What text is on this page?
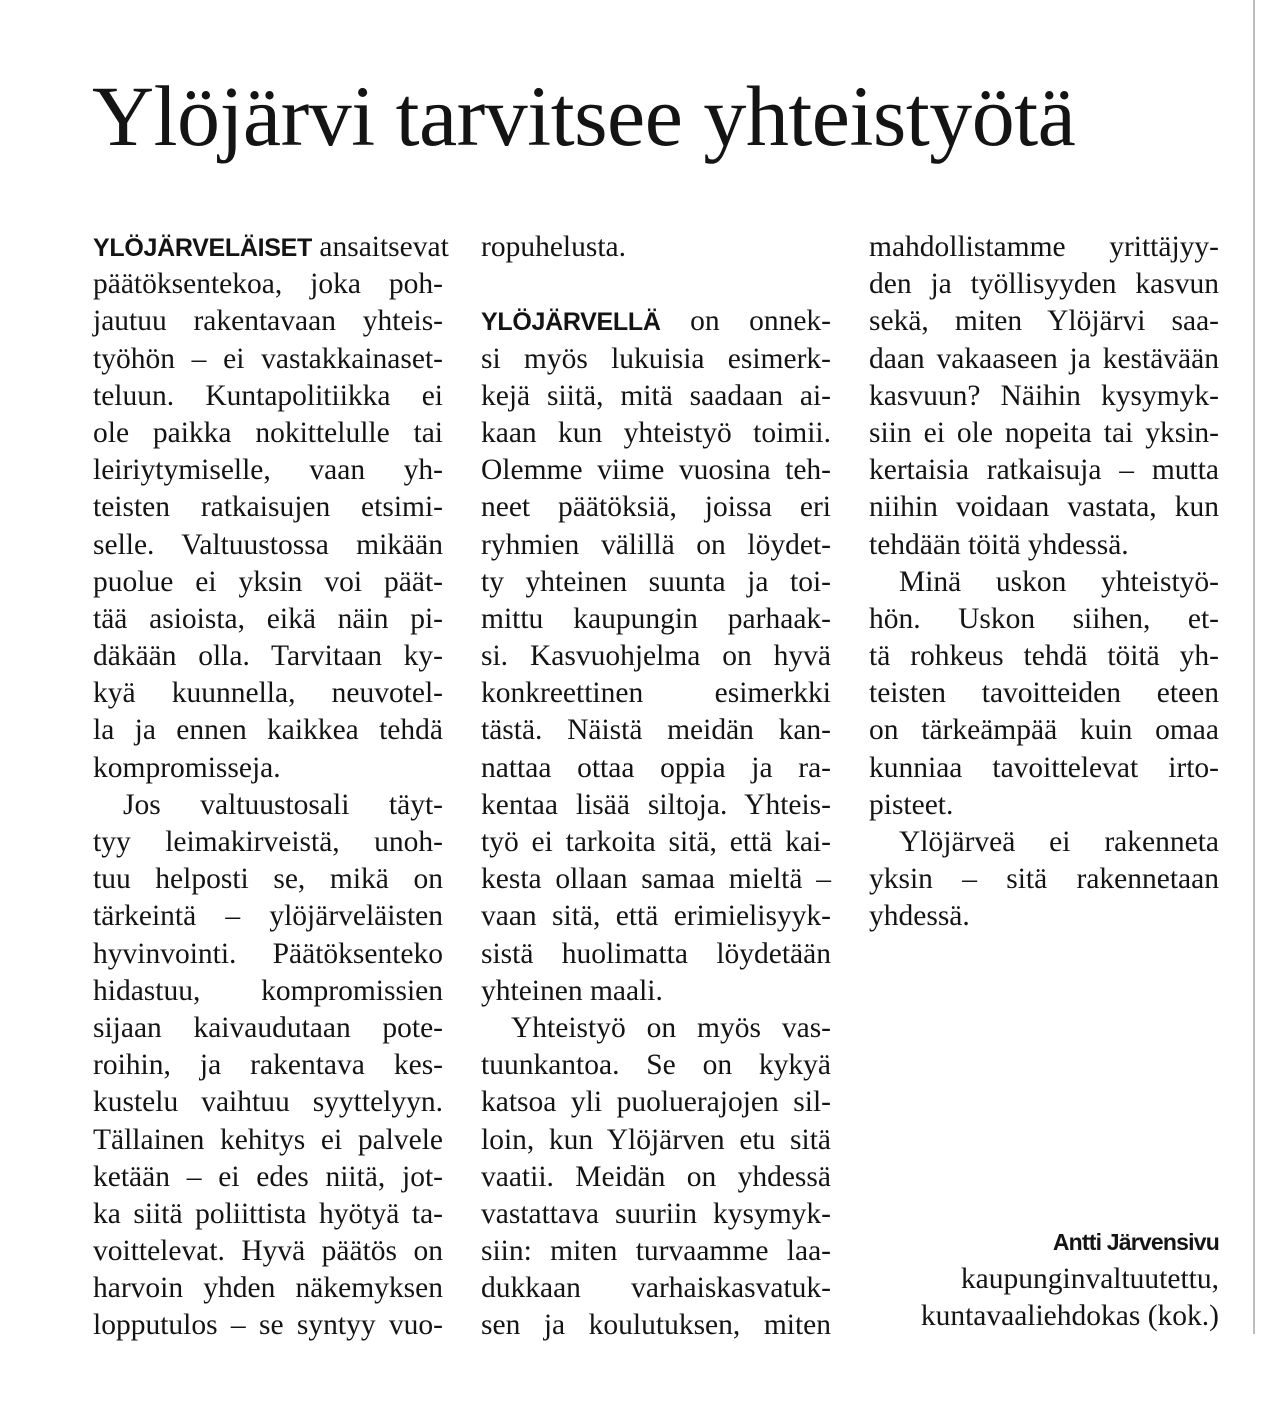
Ylöjärvi tarvitsee yhteistyötä
YLÖJÄRVELÄISET ansaitsevat
päätöksentekoa, joka poh-
jautuu rakentavaan yhteis-
työhön – ei vastakkainaset-
teluun. Kuntapolitiikka ei
ole paikka nokittelulle tai
leiriytymiselle, vaan yh-
teisten ratkaisujen etsimi-
selle. Valtuustossa mikään
puolue ei yksin voi päät-
tää asioista, eikä näin pi-
däkään olla. Tarvitaan ky-
kyä kuunnella, neuvotel-
la ja ennen kaikkea tehdä
kompromisseja.
Jos valtuustosali täyt-
tyy leimakirveistä, unoh-
tuu helposti se, mikä on
tärkeintä – ylöjärveläisten
hyvinvointi. Päätöksenteko
hidastuu, kompromissien
sijaan kaivaudutaan pote-
roihin, ja rakentava kes-
kustelu vaihtuu syyttelyyn.
Tällainen kehitys ei palvele
ketään – ei edes niitä, jot-
ka siitä poliittista hyötyä ta-
voittelevat. Hyvä päätös on
harvoin yhden näkemyksen
lopputulos – se syntyy vuo-
ropuhelusta.
YLÖJÄRVELLÄ on onnek-
si myös lukuisia esimerk-
kejä siitä, mitä saadaan ai-
kaan kun yhteistyö toimii.
Olemme viime vuosina teh-
neet päätöksiä, joissa eri
ryhmien välillä on löydet-
ty yhteinen suunta ja toi-
mittu kaupungin parhaak-
si. Kasvuohjelma on hyvä
konkreettinen esimerkki
tästä. Näistä meidän kan-
nattaa ottaa oppia ja ra-
kentaa lisää siltoja. Yhteis-
työ ei tarkoita sitä, että kai-
kesta ollaan samaa mieltä –
vaan sitä, että erimielisyyk-
sistä huolimatta löydetään
yhteinen maali.
Yhteistyö on myös vas-
tuunkantoa. Se on kykyä
katsoa yli puoluerajojen sil-
loin, kun Ylöjärven etu sitä
vaatii. Meidän on yhdessä
vastattava suuriin kysymyk-
siin: miten turvaamme laa-
dukkaan varhaiskasvatuk-
sen ja koulutuksen, miten
mahdollistamme yrittäjyy-
den ja työllisyyden kasvun
sekä, miten Ylöjärvi saa-
daan vakaaseen ja kestävään
kasvuun? Näihin kysymyk-
siin ei ole nopeita tai yksin-
kertaisia ratkaisuja – mutta
niihin voidaan vastata, kun
tehdään töitä yhdessä.
Minä uskon yhteistyö-
hön. Uskon siihen, et-
tä rohkeus tehdä töitä yh-
teisten tavoitteiden eteen
on tärkeämpää kuin omaa
kunniaa tavoittelevat irto-
pisteet.
Ylöjärveä ei rakenneta
yksin – sitä rakennetaan
yhdessä.
Antti Järvensivu
kaupunginvaltuutettu,
kuntavaaliehdokas (kok.)
